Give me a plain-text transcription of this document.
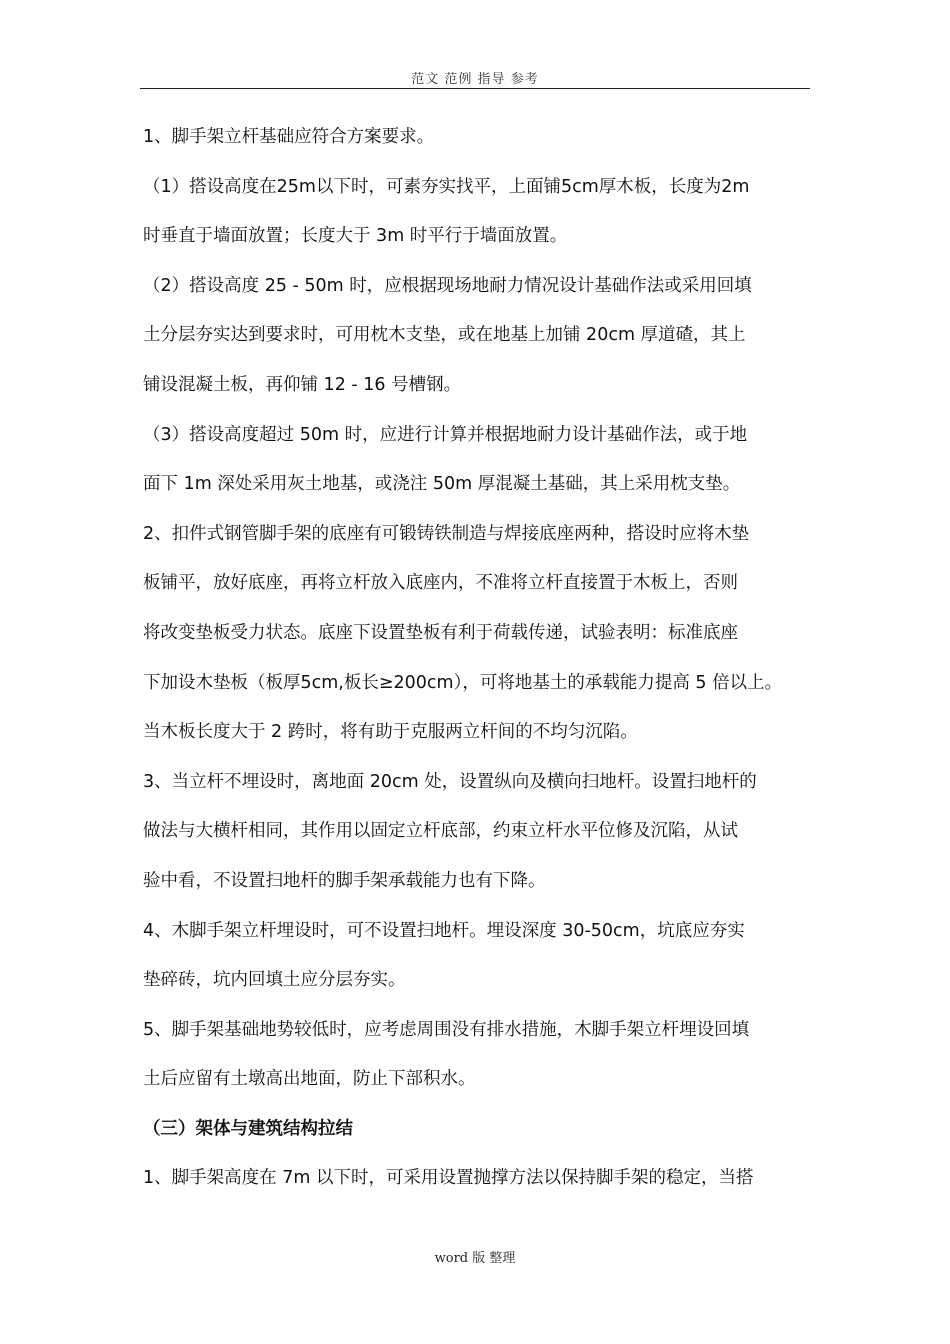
范文 范例 指导 参考
1、脚手架立杆基础应符合方案要求。
（1）搭设高度在25m以下时，可素夯实找平，上面铺5cm厚木板，长度为2m
时垂直于墙面放置；长度大于 3m 时平行于墙面放置。
（2）搭设高度 25 - 50m 时，应根据现场地耐力情况设计基础作法或采用回填
土分层夯实达到要求时，可用枕木支垫，或在地基上加铺 20cm 厚道碴，其上
铺设混凝土板，再仰铺 12 - 16 号槽钢。
（3）搭设高度超过 50m 时，应进行计算并根据地耐力设计基础作法，或于地
面下 1m 深处采用灰土地基，或浇注 50m 厚混凝土基础，其上采用枕支垫。
2、扣件式钢管脚手架的底座有可锻铸铁制造与焊接底座两种，搭设时应将木垫
板铺平，放好底座，再将立杆放入底座内，不准将立杆直接置于木板上，否则
将改变垫板受力状态。底座下设置垫板有利于荷载传递，试验表明：标准底座
下加设木垫板（板厚5cm,板长≥200cm），可将地基土的承载能力提高 5 倍以上。
当木板长度大于 2 跨时，将有助于克服两立杆间的不均匀沉陷。
3、当立杆不埋设时，离地面 20cm 处，设置纵向及横向扫地杆。设置扫地杆的
做法与大横杆相同，其作用以固定立杆底部，约束立杆水平位修及沉陷，从试
验中看，不设置扫地杆的脚手架承载能力也有下降。
4、木脚手架立杆埋设时，可不设置扫地杆。埋设深度 30-50cm，坑底应夯实
垫碎砖，坑内回填土应分层夯实。
5、脚手架基础地势较低时，应考虑周围没有排水措施，木脚手架立杆埋设回填
土后应留有土墩高出地面，防止下部积水。
（三）架体与建筑结构拉结
1、脚手架高度在 7m 以下时，可采用设置抛撑方法以保持脚手架的稳定，当搭
word 版 整理
